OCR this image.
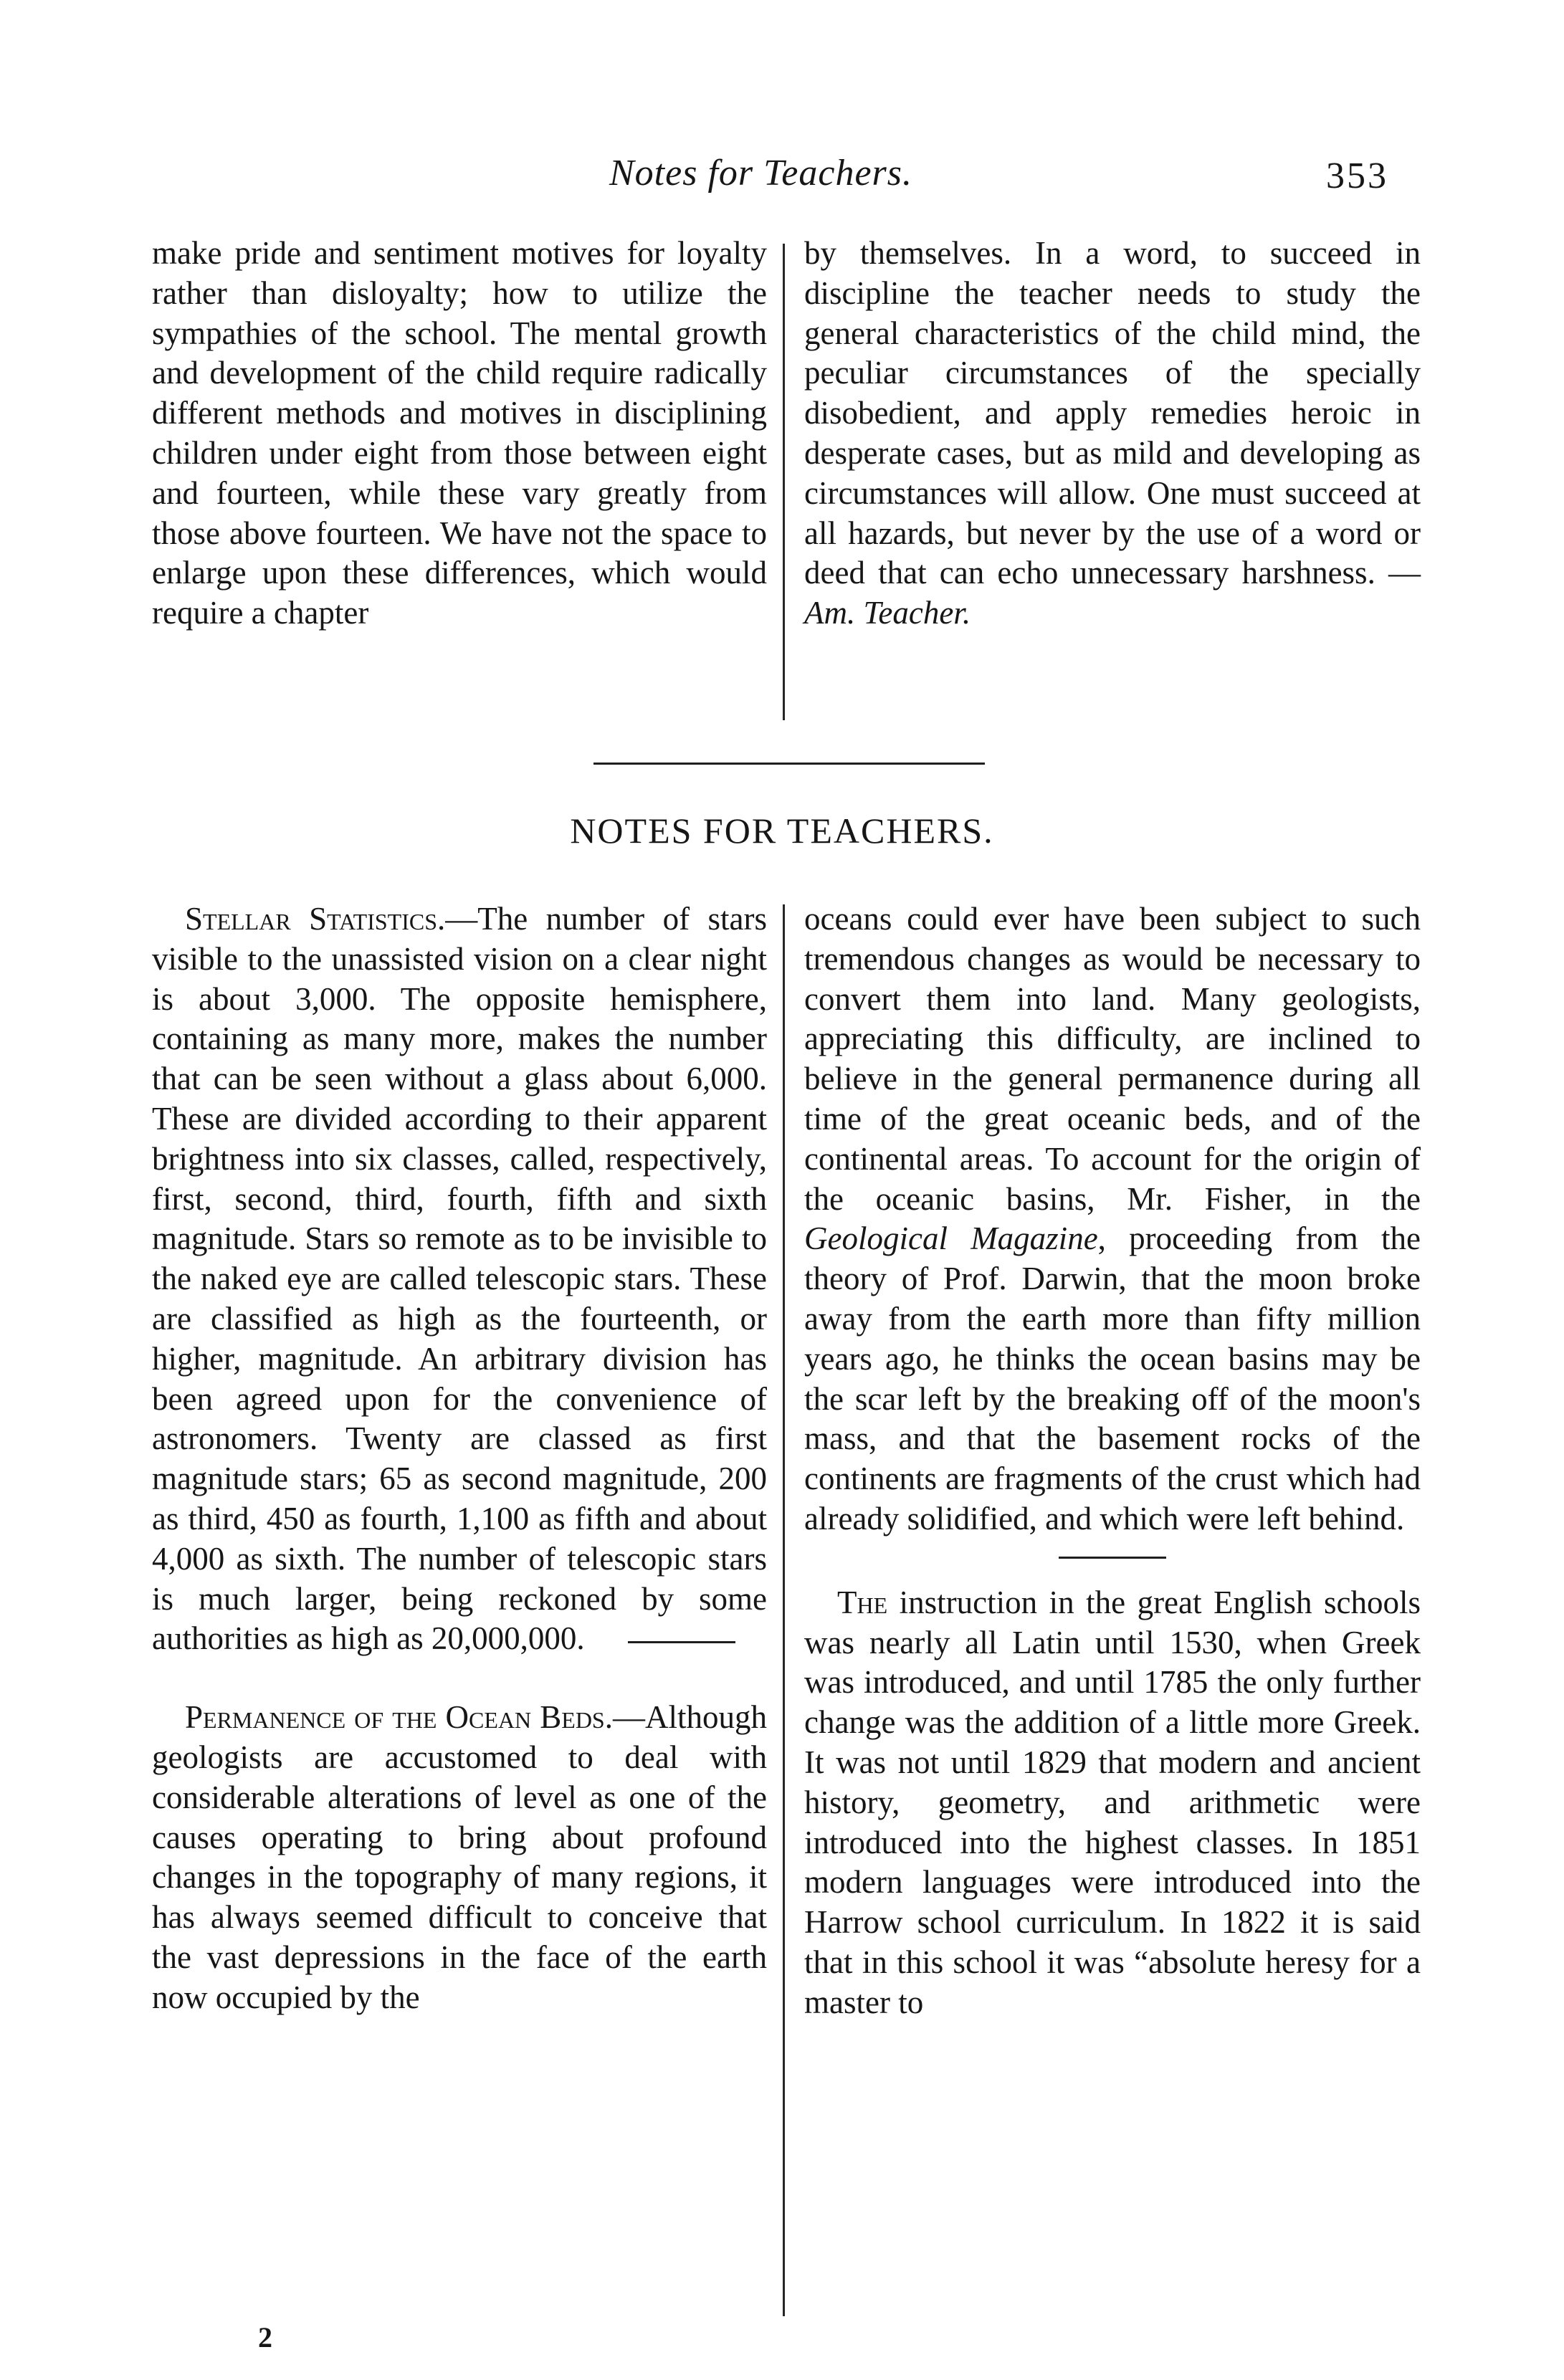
Notes for Teachers.	353

make pride and sentiment motives for loyalty rather than disloyalty; how to utilize the sympathies of the school. The mental growth and development of the child require radically different methods and motives in disciplining children under eight from those between eight and fourteen, while these vary greatly from those above fourteen. We have not the space to enlarge upon these differences, which would require a chapter

by themselves. In a word, to succeed in discipline the teacher needs to study the general characteristics of the child mind, the peculiar circumstances of the specially disobedient, and apply remedies heroic in desperate cases, but as mild and developing as circumstances will allow. One must succeed at all hazards, but never by the use of a word or deed that can echo unnecessary harshness. —Am. Teacher.

NOTES FOR TEACHERS.

Stellar Statistics.—The number of stars visible to the unassisted vision on a clear night is about 3,000. The opposite hemisphere, containing as many more, makes the number that can be seen without a glass about 6,000. These are divided according to their apparent brightness into six classes, called, respectively, first, second, third, fourth, fifth and sixth magnitude. Stars so remote as to be invisible to the naked eye are called telescopic stars. These are classified as high as the fourteenth, or higher, magnitude. An arbitrary division has been agreed upon for the convenience of astronomers. Twenty are classed as first magnitude stars; 65 as second magnitude, 200 as third, 450 as fourth, 1,100 as fifth and about 4,000 as sixth. The number of telescopic stars is much larger, being reckoned by some authorities as high as 20,000,000.

Permanence of the Ocean Beds.—Although geologists are accustomed to deal with considerable alterations of level as one of the causes operating to bring about profound changes in the topography of many regions, it has always seemed difficult to conceive that the vast depressions in the face of the earth now occupied by the

oceans could ever have been subject to such tremendous changes as would be necessary to convert them into land. Many geologists, appreciating this difficulty, are inclined to believe in the general permanence during all time of the great oceanic beds, and of the continental areas. To account for the origin of the oceanic basins, Mr. Fisher, in the Geological Magazine, proceeding from the theory of Prof. Darwin, that the moon broke away from the earth more than fifty million years ago, he thinks the ocean basins may be the scar left by the breaking off of the moon's mass, and that the basement rocks of the continents are fragments of the crust which had already solidified, and which were left behind.

The instruction in the great English schools was nearly all Latin until 1530, when Greek was introduced, and until 1785 the only further change was the addition of a little more Greek. It was not until 1829 that modern and ancient history, geometry, and arithmetic were introduced into the highest classes. In 1851 modern languages were introduced into the Harrow school curriculum. In 1822 it is said that in this school it was “absolute heresy for a master to

2
